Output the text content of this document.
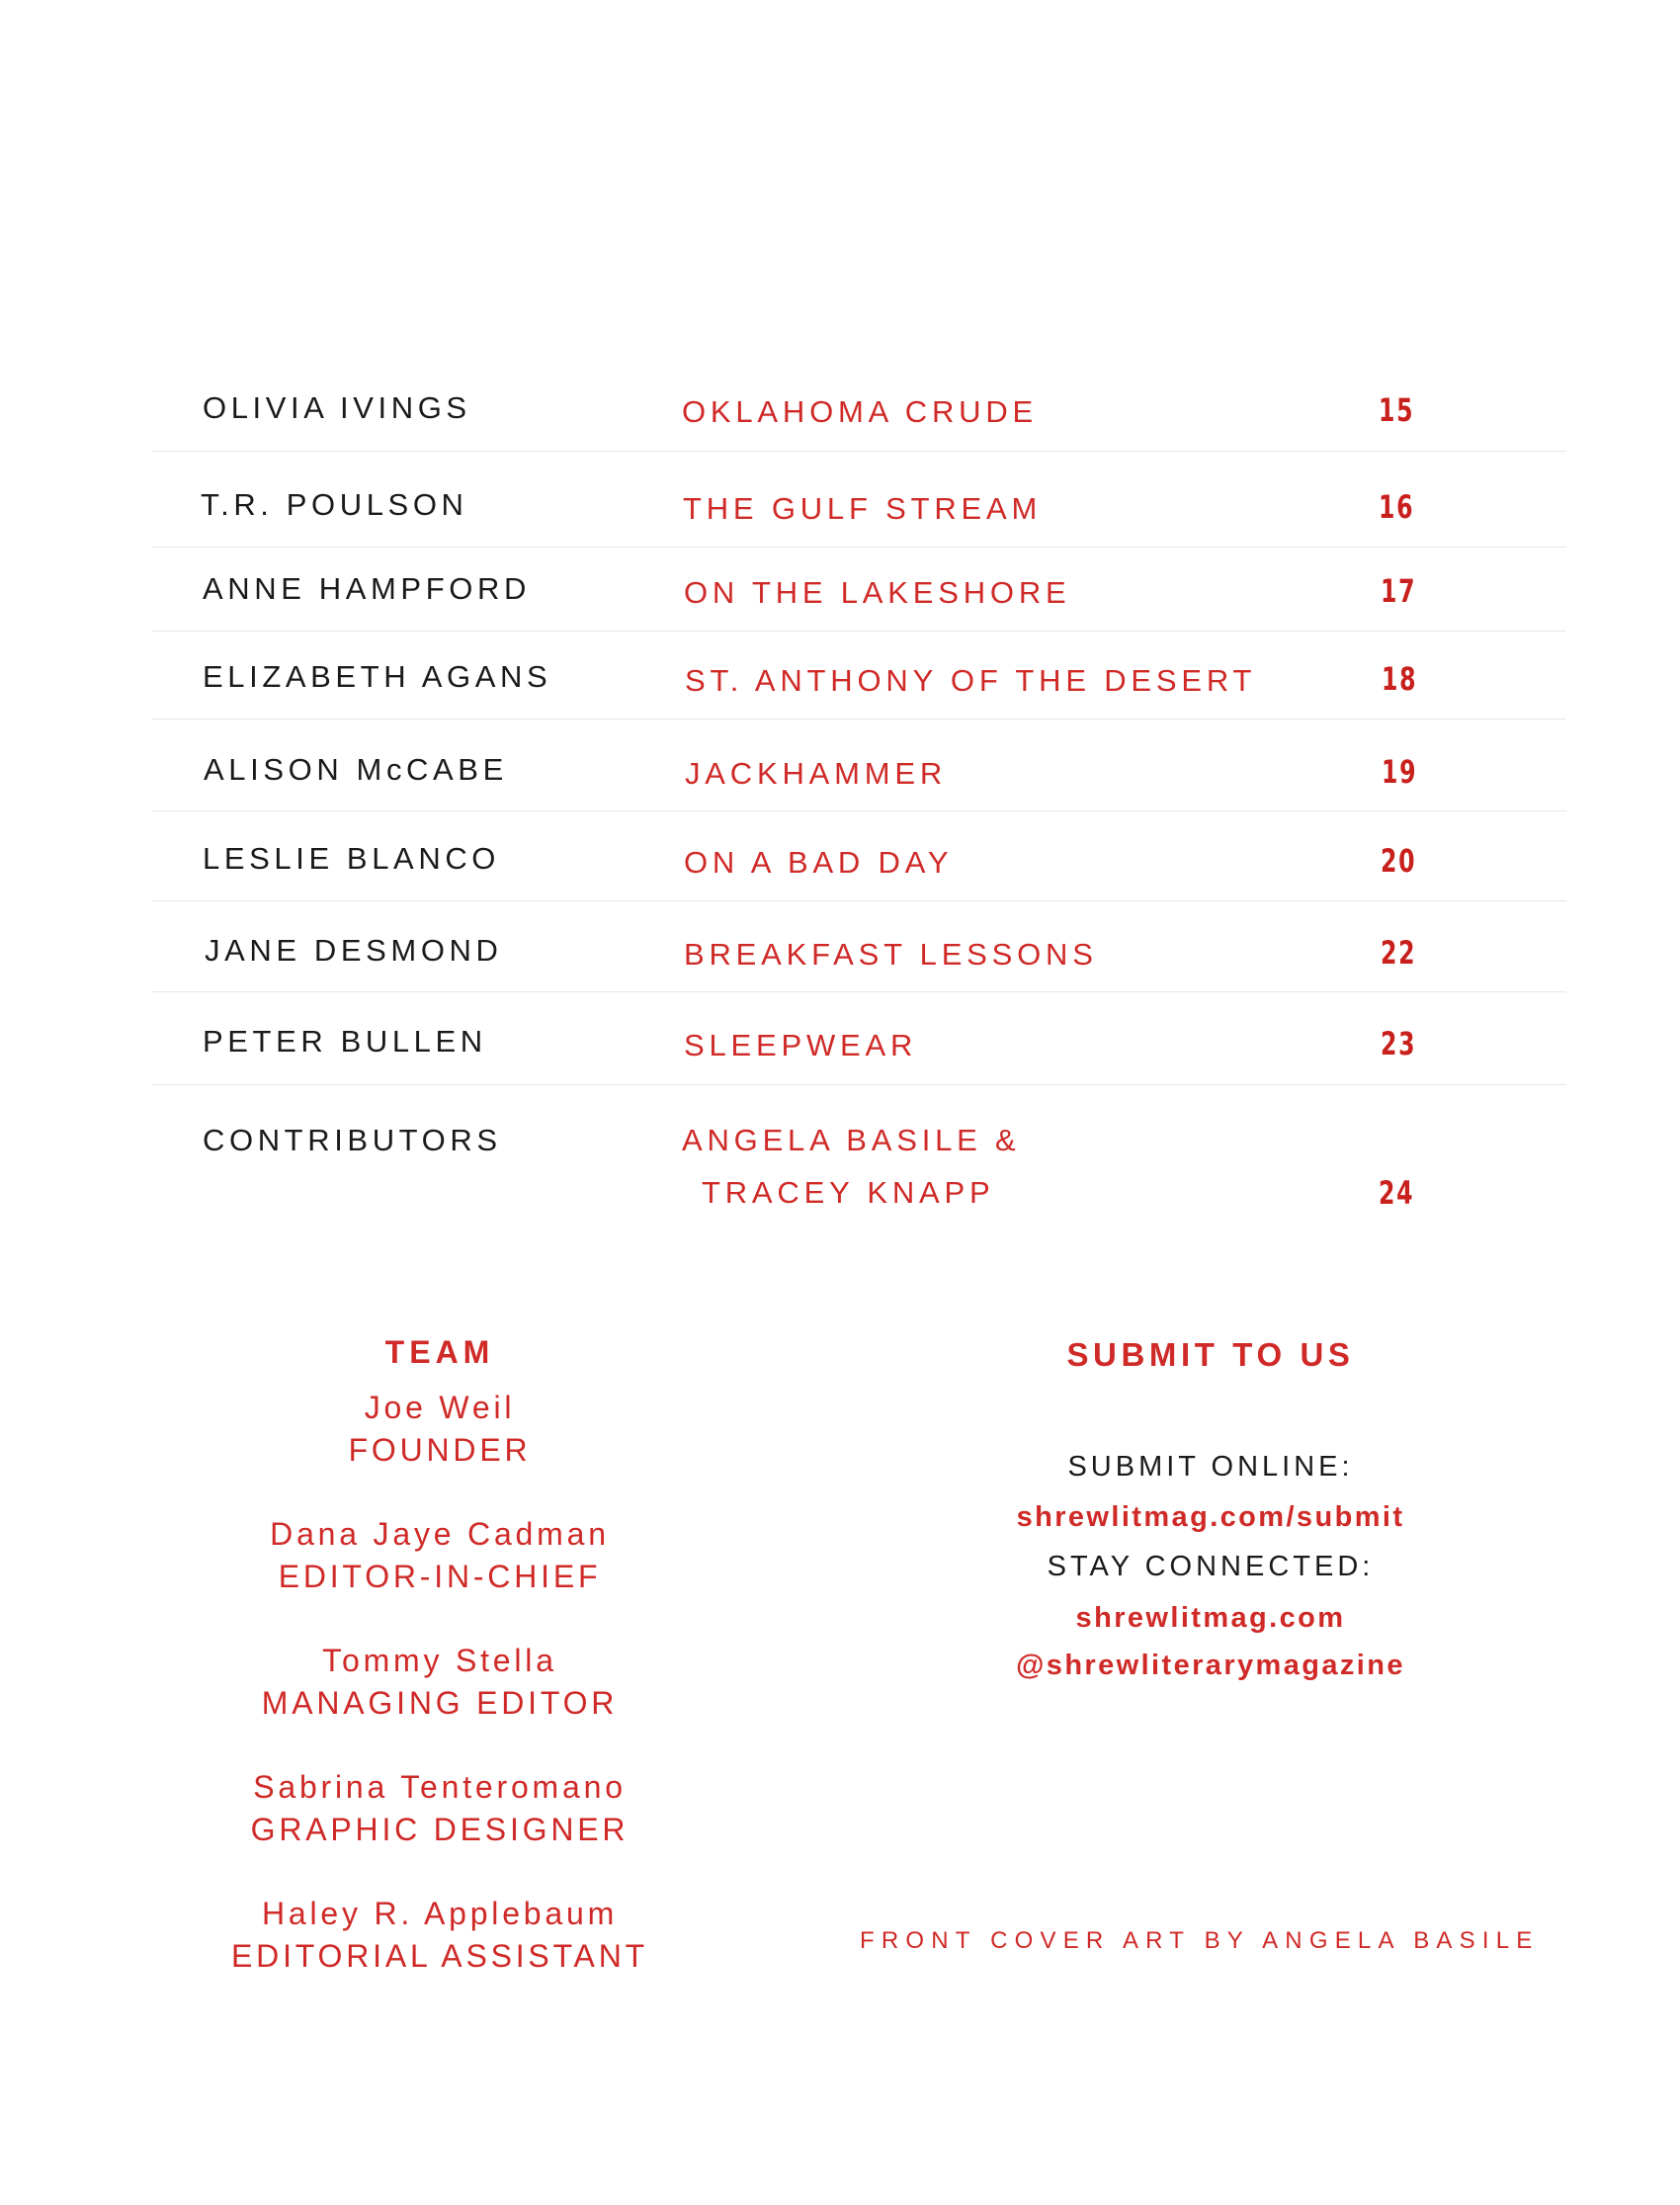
OLIVIA IVINGS	OKLAHOMA CRUDE	15
T.R. POULSON	THE GULF STREAM	16
ANNE HAMPFORD	ON THE LAKESHORE	17
ELIZABETH AGANS	ST. ANTHONY OF THE DESERT	18
ALISON McCABE	JACKHAMMER	19
LESLIE BLANCO	ON A BAD DAY	20
JANE DESMOND	BREAKFAST LESSONS	22
PETER BULLEN	SLEEPWEAR	23
CONTRIBUTORS	ANGELA BASILE &
TRACEY KNAPP	24
TEAM
Joe Weil
FOUNDER
Dana Jaye Cadman
EDITOR-IN-CHIEF
Tommy Stella
MANAGING EDITOR
Sabrina Tenteromano
GRAPHIC DESIGNER
Haley R. Applebaum
EDITORIAL ASSISTANT
SUBMIT TO US
SUBMIT ONLINE:
shrewlitmag.com/submit
STAY CONNECTED:
shrewlitmag.com
@shrewliterarymagazine
FRONT COVER ART BY ANGELA BASILE
